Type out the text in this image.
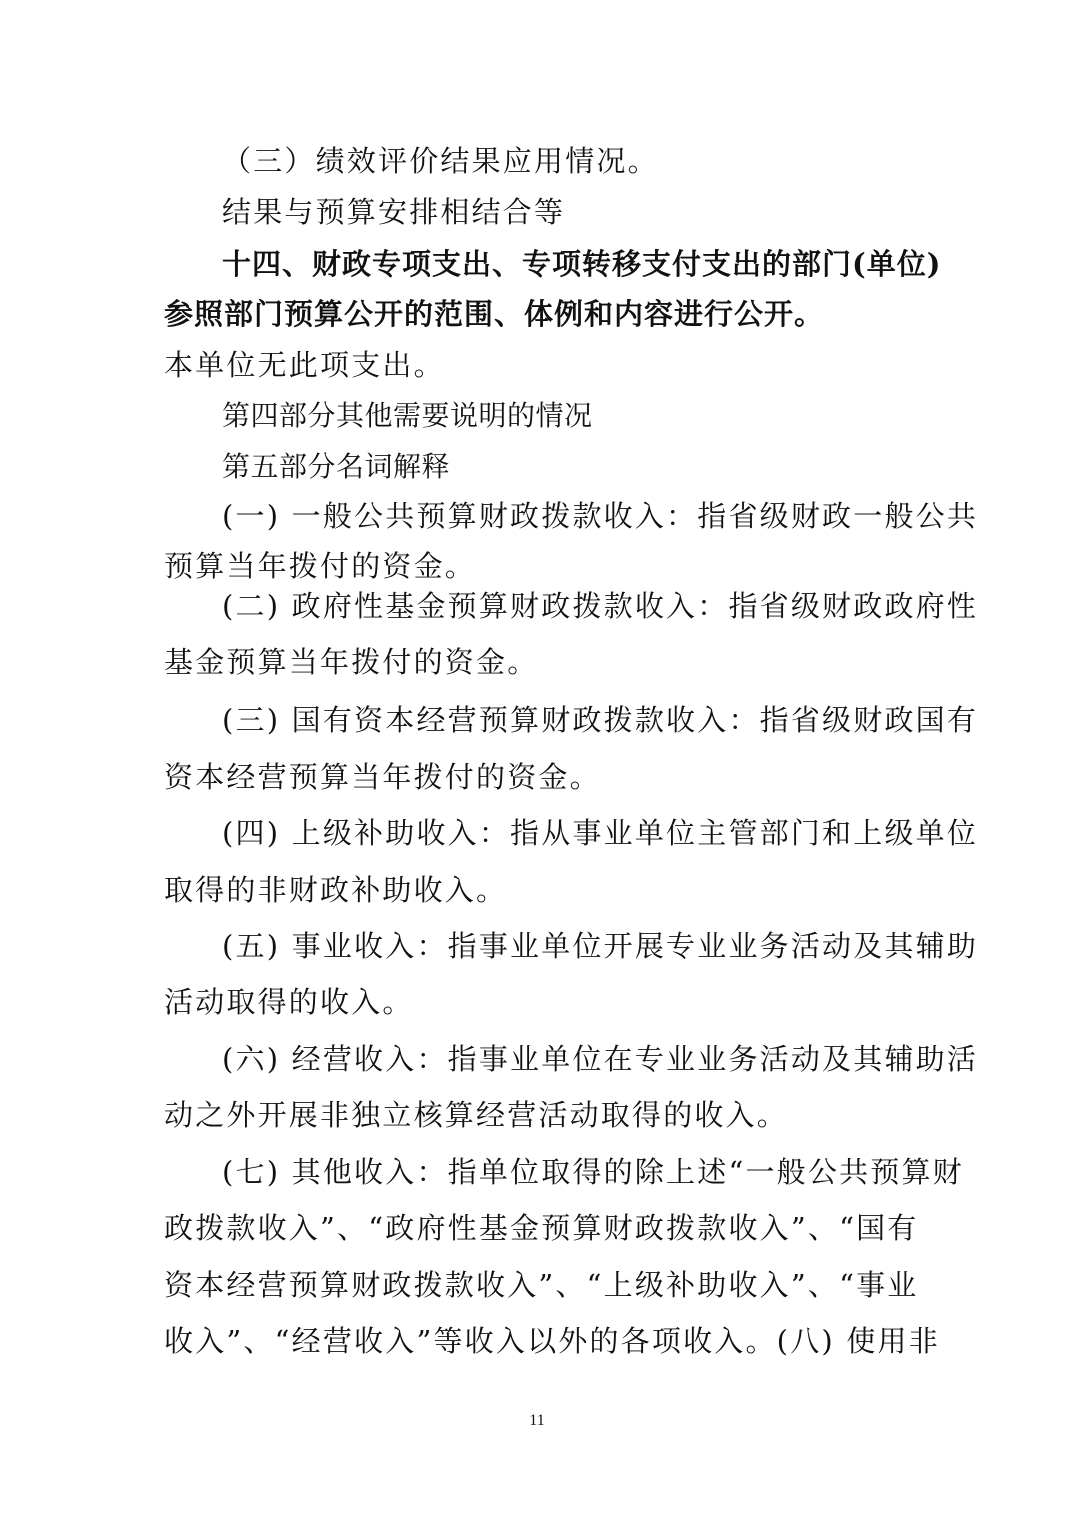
（三）绩效评价结果应用情况。
结果与预算安排相结合等
十四、财政专项支出、专项转移支付支出的部门(单位)
参照部门预算公开的范围、体例和内容进行公开。
本单位无此项支出。
第四部分其他需要说明的情况
第五部分名词解释
(一) 一般公共预算财政拨款收入：指省级财政一般公共
预算当年拨付的资金。
(二) 政府性基金预算财政拨款收入：指省级财政政府性
基金预算当年拨付的资金。
(三) 国有资本经营预算财政拨款收入：指省级财政国有
资本经营预算当年拨付的资金。
(四) 上级补助收入：指从事业单位主管部门和上级单位
取得的非财政补助收入。
(五) 事业收入：指事业单位开展专业业务活动及其辅助
活动取得的收入。
(六) 经营收入：指事业单位在专业业务活动及其辅助活
动之外开展非独立核算经营活动取得的收入。
(七) 其他收入：指单位取得的除上述“一般公共预算财
政拨款收入”、“政府性基金预算财政拨款收入”、“国有
资本经营预算财政拨款收入”、“上级补助收入”、“事业
收入”、“经营收入”等收入以外的各项收入。(八) 使用非
11
